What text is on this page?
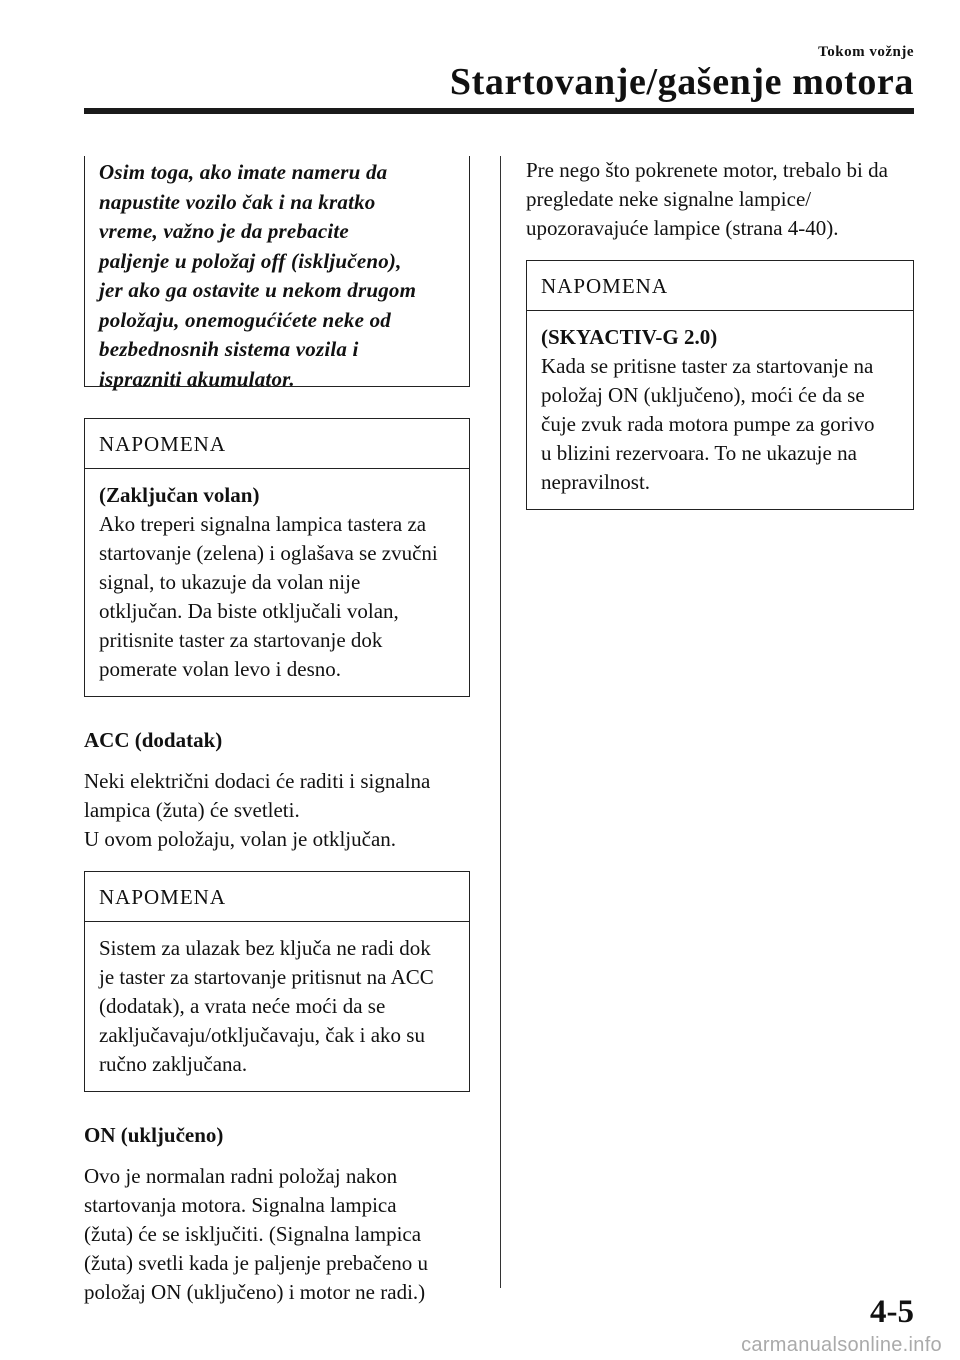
Tokom vožnje
Startovanje/gašenje motora
Osim toga, ako imate nameru da
napustite vozilo čak i na kratko
vreme, važno je da prebacite
paljenje u položaj off (isključeno),
jer ako ga ostavite u nekom drugom
položaju, onemogućićete neke od
bezbednosnih sistema vozila i
isprazniti akumulator.
NAPOMENA
(Zaključan volan)
Ako treperi signalna lampica tastera za
startovanje (zelena) i oglašava se zvučni
signal, to ukazuje da volan nije
otključan. Da biste otključali volan,
pritisnite taster za startovanje dok
pomerate volan levo i desno.
ACC (dodatak)
Neki električni dodaci će raditi i signalna
lampica (žuta) će svetleti.
U ovom položaju, volan je otključan.
NAPOMENA
Sistem za ulazak bez ključa ne radi dok
je taster za startovanje pritisnut na ACC
(dodatak), a vrata neće moći da se
zaključavaju/otključavaju, čak i ako su
ručno zaključana.
ON (uključeno)
Ovo je normalan radni položaj nakon
startovanja motora. Signalna lampica
(žuta) će se isključiti. (Signalna lampica
(žuta) svetli kada je paljenje prebačeno u
položaj ON (uključeno) i motor ne radi.)
Pre nego što pokrenete motor, trebalo bi da
pregledate neke signalne lampice/
upozoravajuće lampice (strana 4-40).
NAPOMENA
(SKYACTIV-G 2.0)
Kada se pritisne taster za startovanje na
položaj ON (uključeno), moći će da se
čuje zvuk rada motora pumpe za gorivo
u blizini rezervoara. To ne ukazuje na
nepravilnost.
4-5
carmanualsonline.info
